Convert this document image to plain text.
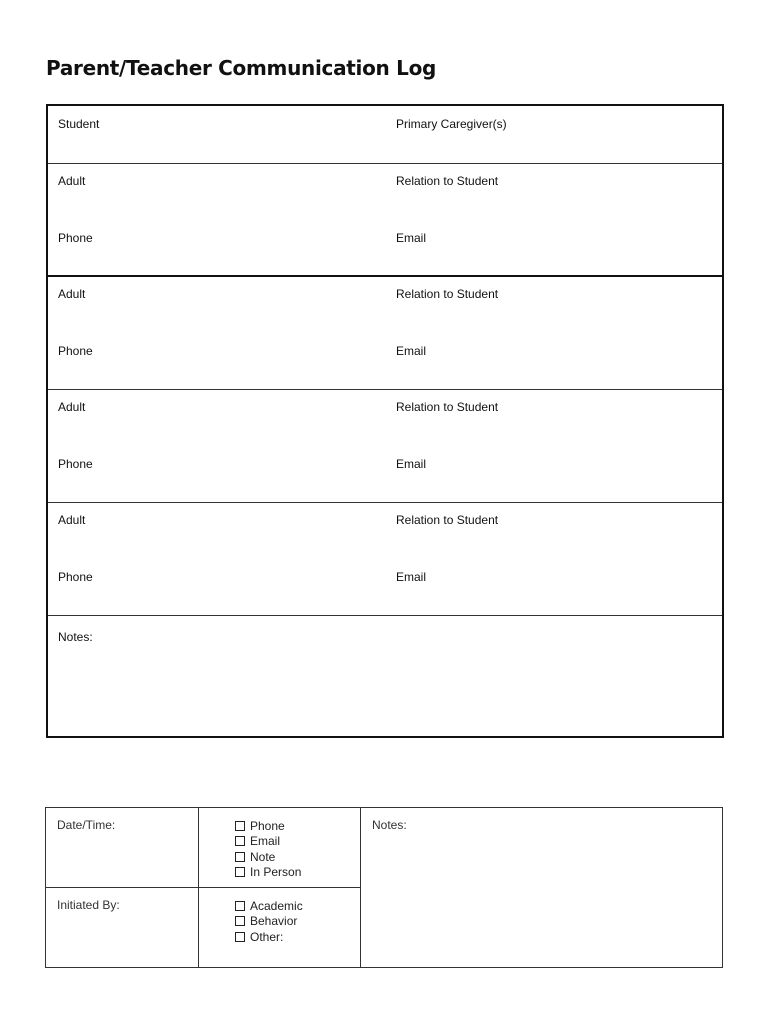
Parent/Teacher Communication Log
Student	Primary Caregiver(s)
Adult	Relation to Student
Phone	Email
Adult	Relation to Student
Phone	Email
Adult	Relation to Student
Phone	Email
Adult	Relation to Student
Phone	Email
Notes:
Date/Time:	Phone
Email
Note
In Person
Initiated By:	Academic
Behavior
Other:
Notes:
